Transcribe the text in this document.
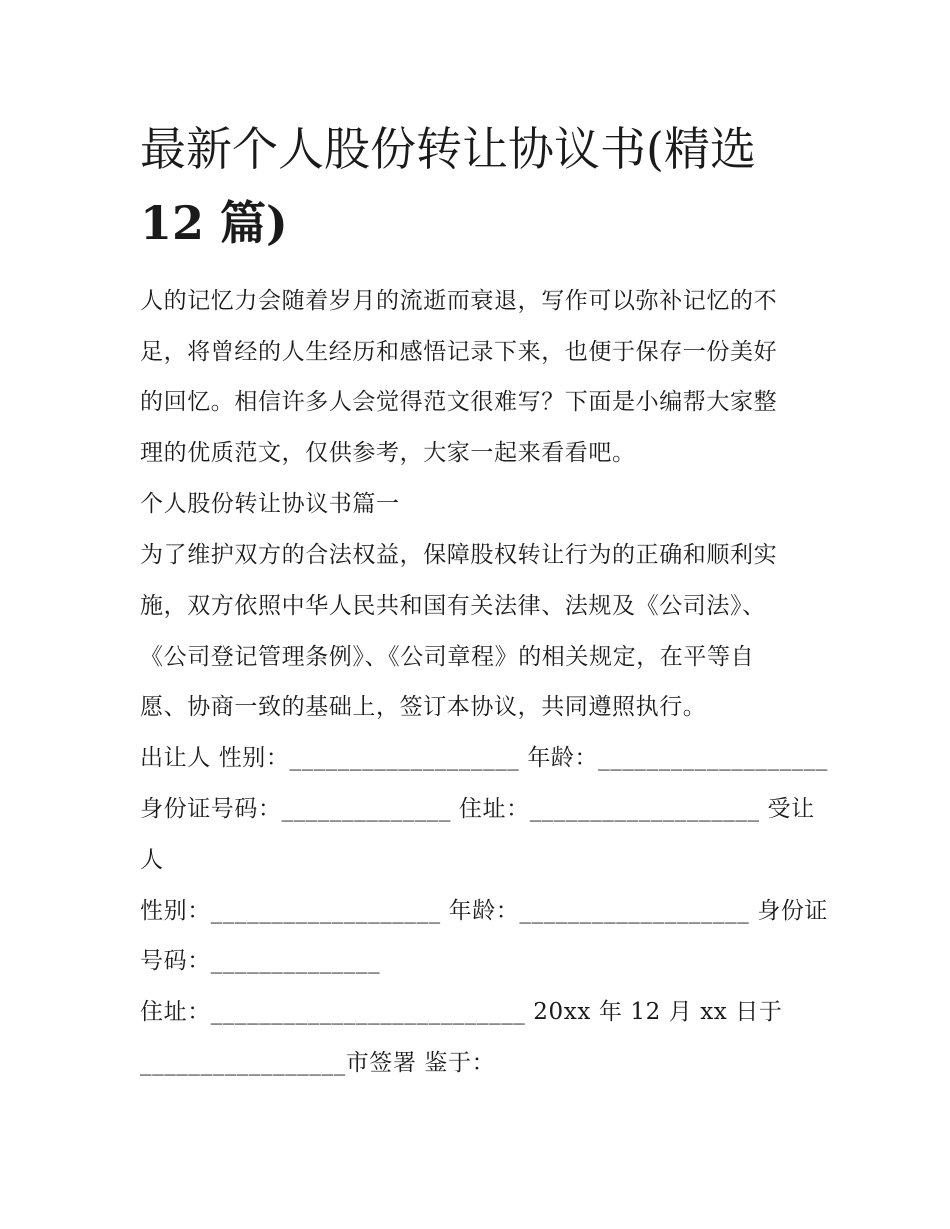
最新个人股份转让协议书(精选
12 篇)
人的记忆力会随着岁月的流逝而衰退，写作可以弥补记忆的不
足，将曾经的人生经历和感悟记录下来，也便于保存一份美好
的回忆。相信许多人会觉得范文很难写？下面是小编帮大家整
理的优质范文，仅供参考，大家一起来看看吧。
个人股份转让协议书篇一
为了维护双方的合法权益，保障股权转让行为的正确和顺利实
施，双方依照中华人民共和国有关法律、法规及《公司法》、
《公司登记管理条例》、《公司章程》的相关规定，在平等自
愿、协商一致的基础上，签订本协议，共同遵照执行。
出让人 性别：___________________ 年龄：___________________
身份证号码：______________ 住址：___________________ 受让
人
性别：___________________ 年龄：___________________ 身份证
号码：______________
住址：__________________________ 20xx 年 12 月 xx 日于
_________________市签署 鉴于：
